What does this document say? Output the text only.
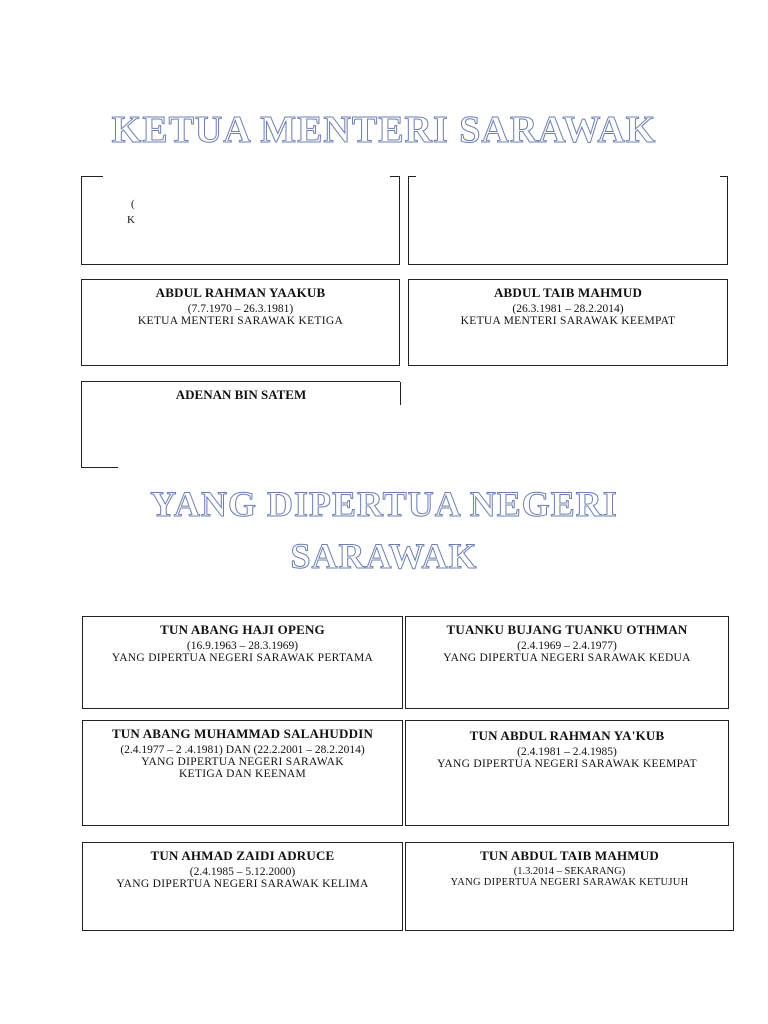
KETUA MENTERI SARAWAK
(
K
ABDUL RAHMAN YAAKUB
(7.7.1970 – 26.3.1981)
KETUA MENTERI SARAWAK KETIGA
ABDUL TAIB MAHMUD
(26.3.1981 – 28.2.2014)
KETUA MENTERI SARAWAK KEEMPAT
ADENAN BIN SATEM
YANG DIPERTUA NEGERI
SARAWAK
TUN ABANG HAJI OPENG
(16.9.1963 – 28.3.1969)
YANG DIPERTUA NEGERI SARAWAK PERTAMA
TUANKU BUJANG TUANKU OTHMAN
(2.4.1969 – 2.4.1977)
YANG DIPERTUA NEGERI SARAWAK KEDUA
TUN ABANG MUHAMMAD SALAHUDDIN
(2.4.1977 – 2 .4.1981) DAN (22.2.2001 – 28.2.2014)
YANG DIPERTUA NEGERI SARAWAK
KETIGA DAN KEENAM
TUN ABDUL RAHMAN YA'KUB
(2.4.1981 – 2.4.1985)
YANG DIPERTUA NEGERI SARAWAK KEEMPAT
TUN AHMAD ZAIDI ADRUCE
(2.4.1985 – 5.12.2000)
YANG DIPERTUA NEGERI SARAWAK KELIMA
TUN ABDUL TAIB MAHMUD
(1.3.2014 – SEKARANG)
YANG DIPERTUA NEGERI SARAWAK KETUJUH
